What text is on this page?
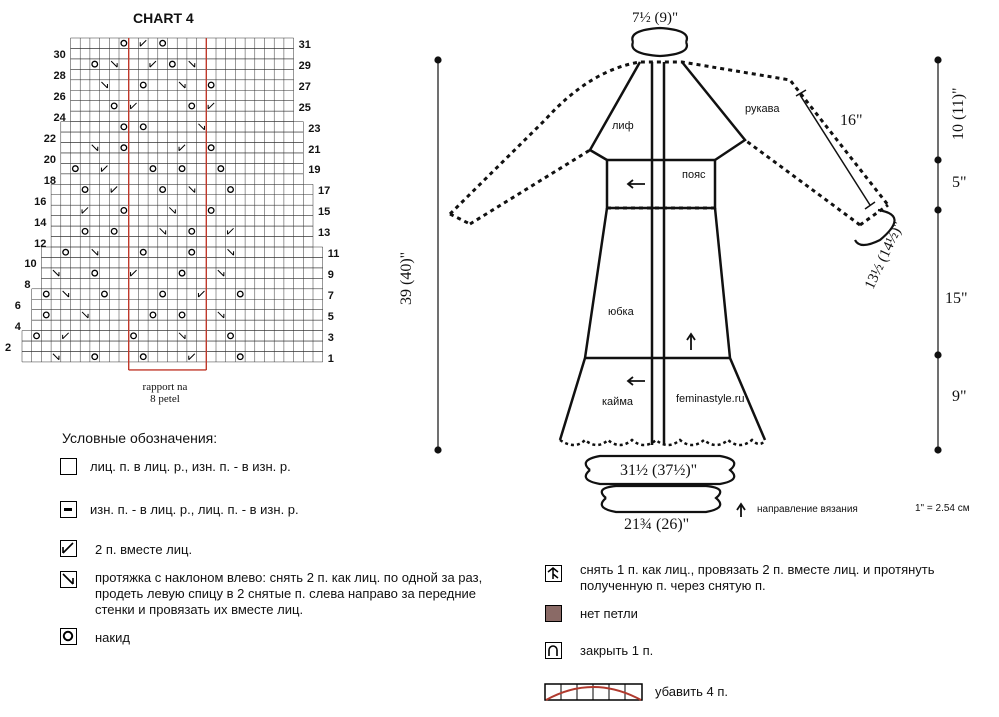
CHART 4
30
28
26
24
22
20
18
16
14
12
10
8
6
4
2
31
29
27
25
23
21
19
17
15
13
11
9
7
5
3
1
rapport na
8 petel
Условные обозначения:
лиц. п. в лиц. р., изн. п. - в изн. р.
изн. п. - в лиц. р., лиц. п. - в изн. р.
2 п. вместе лиц.
протяжка с наклоном влево: снять 2 п. как лиц. по одной за раз,
продеть левую спицу в 2 снятые п. слева направо за передние
стенки и провязать их вместе лиц.
накид
снять 1 п. как лиц., провязать 2 п. вместе лиц. и протянуть
полученную п. через снятую п.
нет петли
закрыть 1 п.
убавить 4 п.
7½ (9)"
39 (40)"
16"
13½ (14½)"
10 (11)"
5"
15"
9"
31½ (37½)"
21¾ (26)"
лиф
рукава
пояс
юбка
кайма	feminastyle.ru
направление вязания	1" = 2.54 см
